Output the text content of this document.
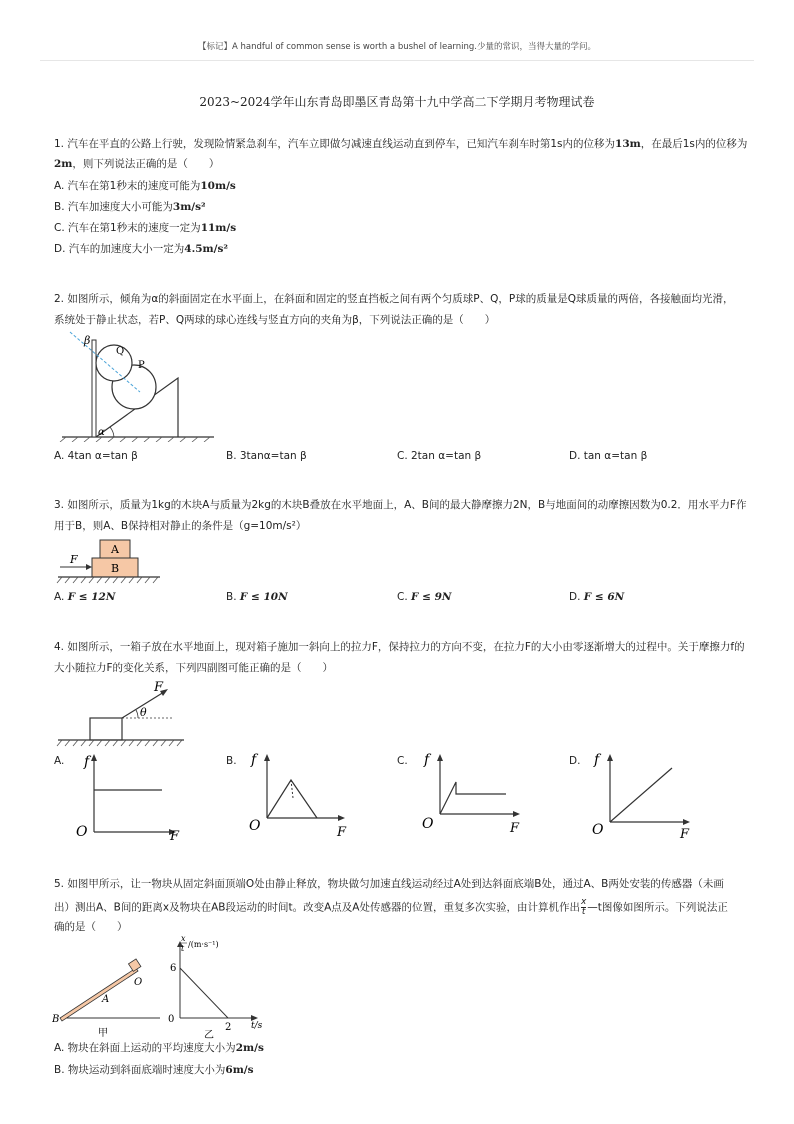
【标记】A handful of common sense is worth a bushel of learning.少量的常识，当得大量的学问。
2023~2024学年山东青岛即墨区青岛第十九中学高二下学期月考物理试卷
1. 汽车在平直的公路上行驶，发现险情紧急刹车，汽车立即做匀减速直线运动直到停车，已知汽车刹车时第1s内的位移为13m，在最后1s内的位移为
2m，则下列说法正确的是（　　）
A. 汽车在第1秒末的速度可能为10m/s
B. 汽车加速度大小可能为3m/s²
C. 汽车在第1秒末的速度一定为11m/s
D. 汽车的加速度大小一定为4.5m/s²
2. 如图所示，倾角为α的斜面固定在水平面上，在斜面和固定的竖直挡板之间有两个匀质球P、Q，P球的质量是Q球质量的两倍，各接触面均光滑，
系统处于静止状态，若P、Q两球的球心连线与竖直方向的夹角为β，下列说法正确的是（　　）
β
Q
P
α
A. 4tan α=tan β	B. 3tanα=tan β	C. 2tan α=tan β	D. tan α=tan β
3. 如图所示，质量为1kg的木块A与质量为2kg的木块B叠放在水平地面上，A、B间的最大静摩擦力2N，B与地面间的动摩擦因数为0.2．用水平力F作
用于B，则A、B保持相对静止的条件是（g=10m/s²）
F
A
B
A. F ≤ 12N	B. F ≤ 10N	C. F ≤ 9N	D. F ≤ 6N
4. 如图所示，一箱子放在水平地面上，现对箱子施加一斜向上的拉力F，保持拉力的方向不变，在拉力F的大小由零逐渐增大的过程中。关于摩擦力f的
大小随拉力F的变化关系，下列四副图可能正确的是（　　）
F
θ
A. f
O	F
B. f
O	F
C. f
O	F
D. f
O	F
5. 如图甲所示，让一物块从固定斜面顶端O处由静止释放，物块做匀加速直线运动经过A处到达斜面底端B处，通过A、B两处安装的传感器（未画
出）测出A、B间的距离x及物块在AB段运动的时间t。改变A点及A处传感器的位置，重复多次实验，由计算机作出 $\frac{x}{t}$ —t图像如图所示。下列说法正
确的是（　　）
B
A
O
甲
x
t /(m·s⁻¹)
6
0
2 t/s
乙
A. 物块在斜面上运动的平均速度大小为2m/s
B. 物块运动到斜面底端时速度大小为6m/s
